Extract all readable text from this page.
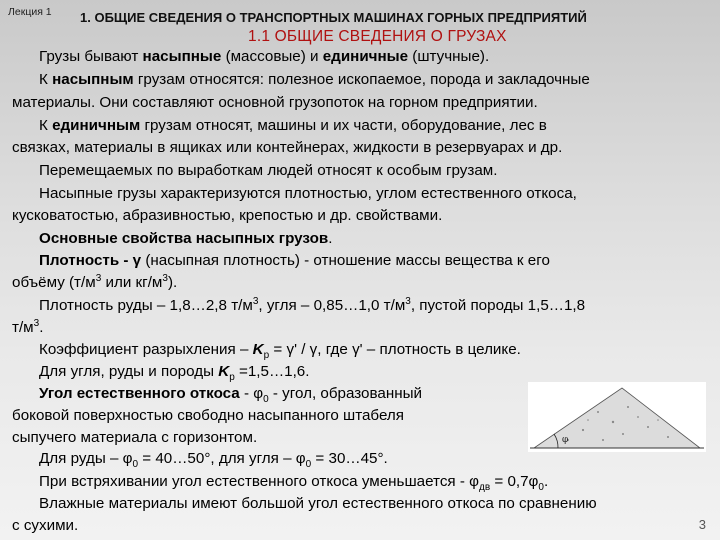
Лекция 1 1. ОБЩИЕ СВЕДЕНИЯ О ТРАНСПОРТНЫХ МАШИНАХ ГОРНЫХ ПРЕДПРИЯТИЙ
1.1 ОБЩИЕ СВЕДЕНИЯ О ГРУЗАХ
Грузы бывают насыпные (массовые) и единичные (штучные).
К насыпным грузам относятся: полезное ископаемое, порода и закладочные
материалы. Они составляют основной грузопоток на горном предприятии.
К единичным грузам относят, машины и их части, оборудование, лес в
связках, материалы в ящиках или контейнерах, жидкости в резервуарах и др.
Перемещаемых по выработкам людей относят к особым грузам.
Насыпные грузы характеризуются плотностью, углом естественного откоса,
кусковатостью, абразивностью, крепостью и др. свойствами.
Основные свойства насыпных грузов.
Плотность - γ (насыпная плотность) - отношение массы вещества к его
объёму ($т/м^3$ или $кг/м^3$).
Плотность руды – 1,8…2,8 $т/м^3$, угля – 0,85…1,0 $т/м^3$, пустой породы 1,5…1,8
$т/м^3$.
Коэффициент разрыхления – $K_р = \gamma' / \gamma$, где γ' – плотность в целике.
Для угля, руды и породы $K_р$ =1,5…1,6.
Угол естественного откоса - $\varphi_0$ - угол, образованный
боковой поверхностью свободно насыпанного штабеля
сыпучего материала с горизонтом.
Для руды – $\varphi_0$ = 40…50°, для угля – $\varphi_0$ = 30…45°.
При встряхивании угол естественного откоса уменьшается - $\varphi_{дв} = 0,7\varphi_0$.
Влажные материалы имеют большой угол естественного откоса по сравнению
с сухими.
φ
3
